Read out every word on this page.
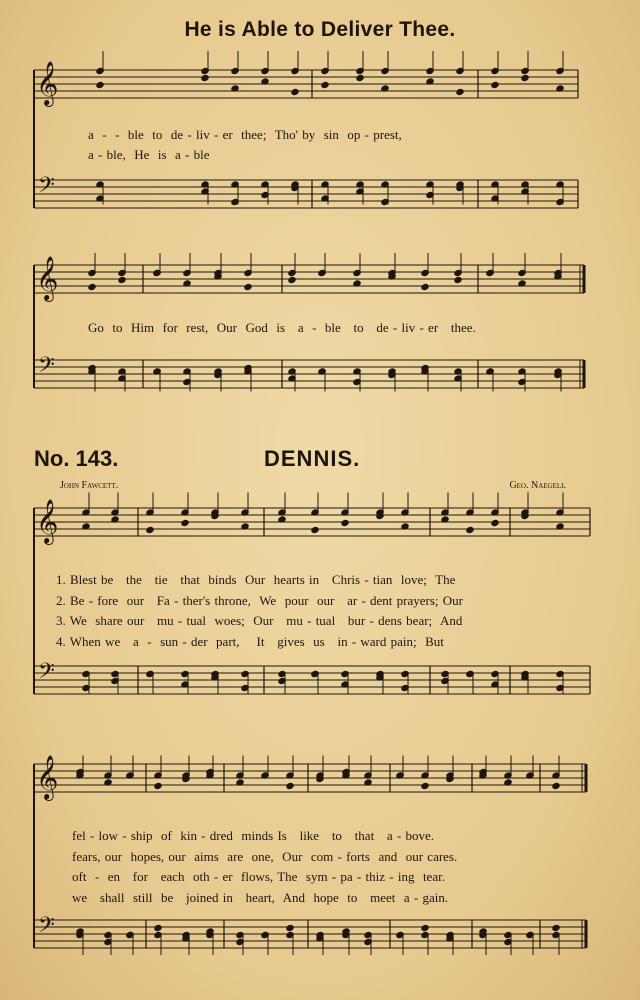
𝄞
𝄢
𝄞
𝄢
𝄞
𝄢
𝄞
𝄢
He is Able to Deliver Thee.
a  -  -  ble  to  de - liv - er  thee;  Tho' by  sin  op - prest,
a - ble,  He  is  a - ble
Go  to  Him  for  rest,  Our  God  is   a  -  ble   to   de - liv - er   thee.
No. 143.	DENNIS.
John Fawcett.	Geo. Naegeli.
1. Blest be   the   tie   that  binds  Our  hearts in   Chris - tian  love;  The
2. Be - fore  our   Fa - ther's throne,  We  pour  our   ar - dent prayers; Our
3. We  share our   mu - tual  woes;  Our   mu - tual   bur - dens bear;  And
4. When we   a  -  sun - der  part,    It   gives  us   in - ward pain;  But
fel - low - ship  of  kin - dred  minds Is   like   to   that   a - bove.
fears, our  hopes, our  aims  are  one,  Our  com - forts  and  our cares.
oft  -  en   for   each  oth - er  flows, The  sym - pa - thiz - ing  tear.
we   shall  still  be   joined in   heart,  And  hope  to   meet  a - gain.
